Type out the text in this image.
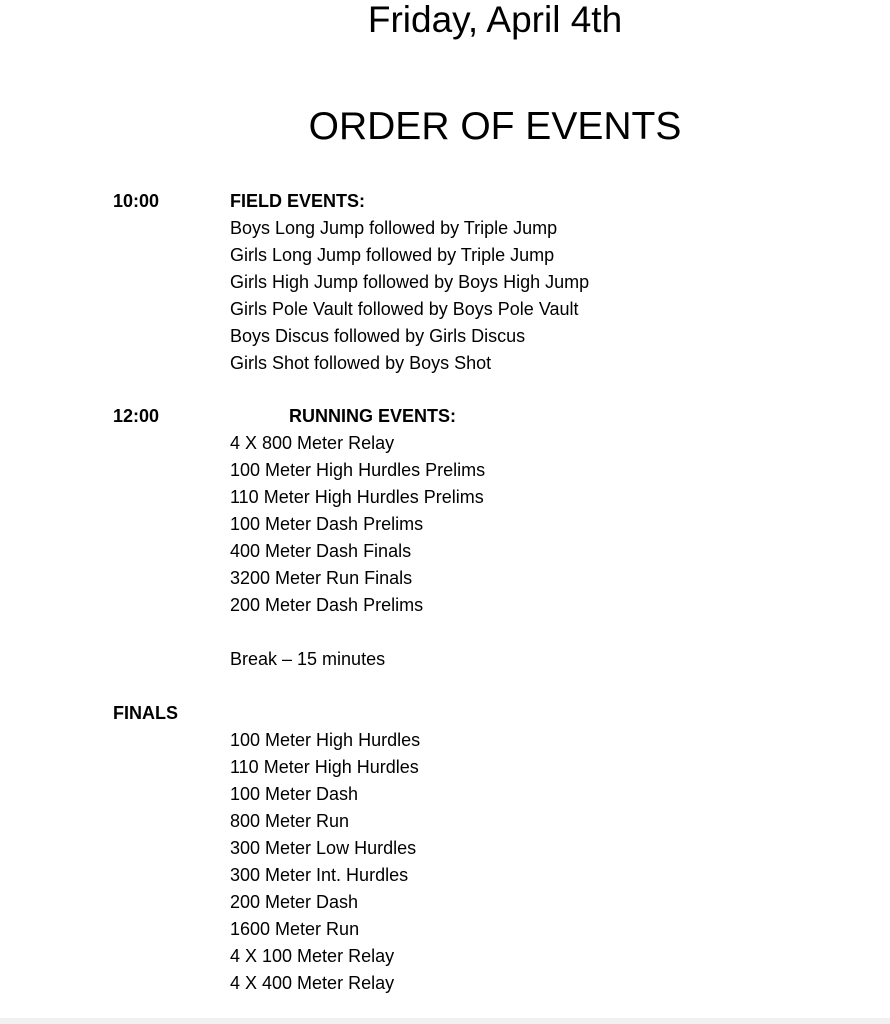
Friday, April 4th
ORDER OF EVENTS
10:00	FIELD EVENTS:
Boys Long Jump followed by Triple Jump
Girls Long Jump followed by Triple Jump
Girls High Jump followed by Boys High Jump
Girls Pole Vault followed by Boys Pole Vault
Boys Discus followed by Girls Discus
Girls Shot followed by Boys Shot
12:00	RUNNING EVENTS:
4 X 800 Meter Relay
100 Meter High Hurdles Prelims
110 Meter High Hurdles Prelims
100 Meter Dash Prelims
400 Meter Dash Finals
3200 Meter Run Finals
200 Meter Dash Prelims
Break – 15 minutes
FINALS
100 Meter High Hurdles
110 Meter High Hurdles
100 Meter Dash
800 Meter Run
300 Meter Low Hurdles
300 Meter Int. Hurdles
200 Meter Dash
1600 Meter Run
4 X 100 Meter Relay
4 X 400 Meter Relay
